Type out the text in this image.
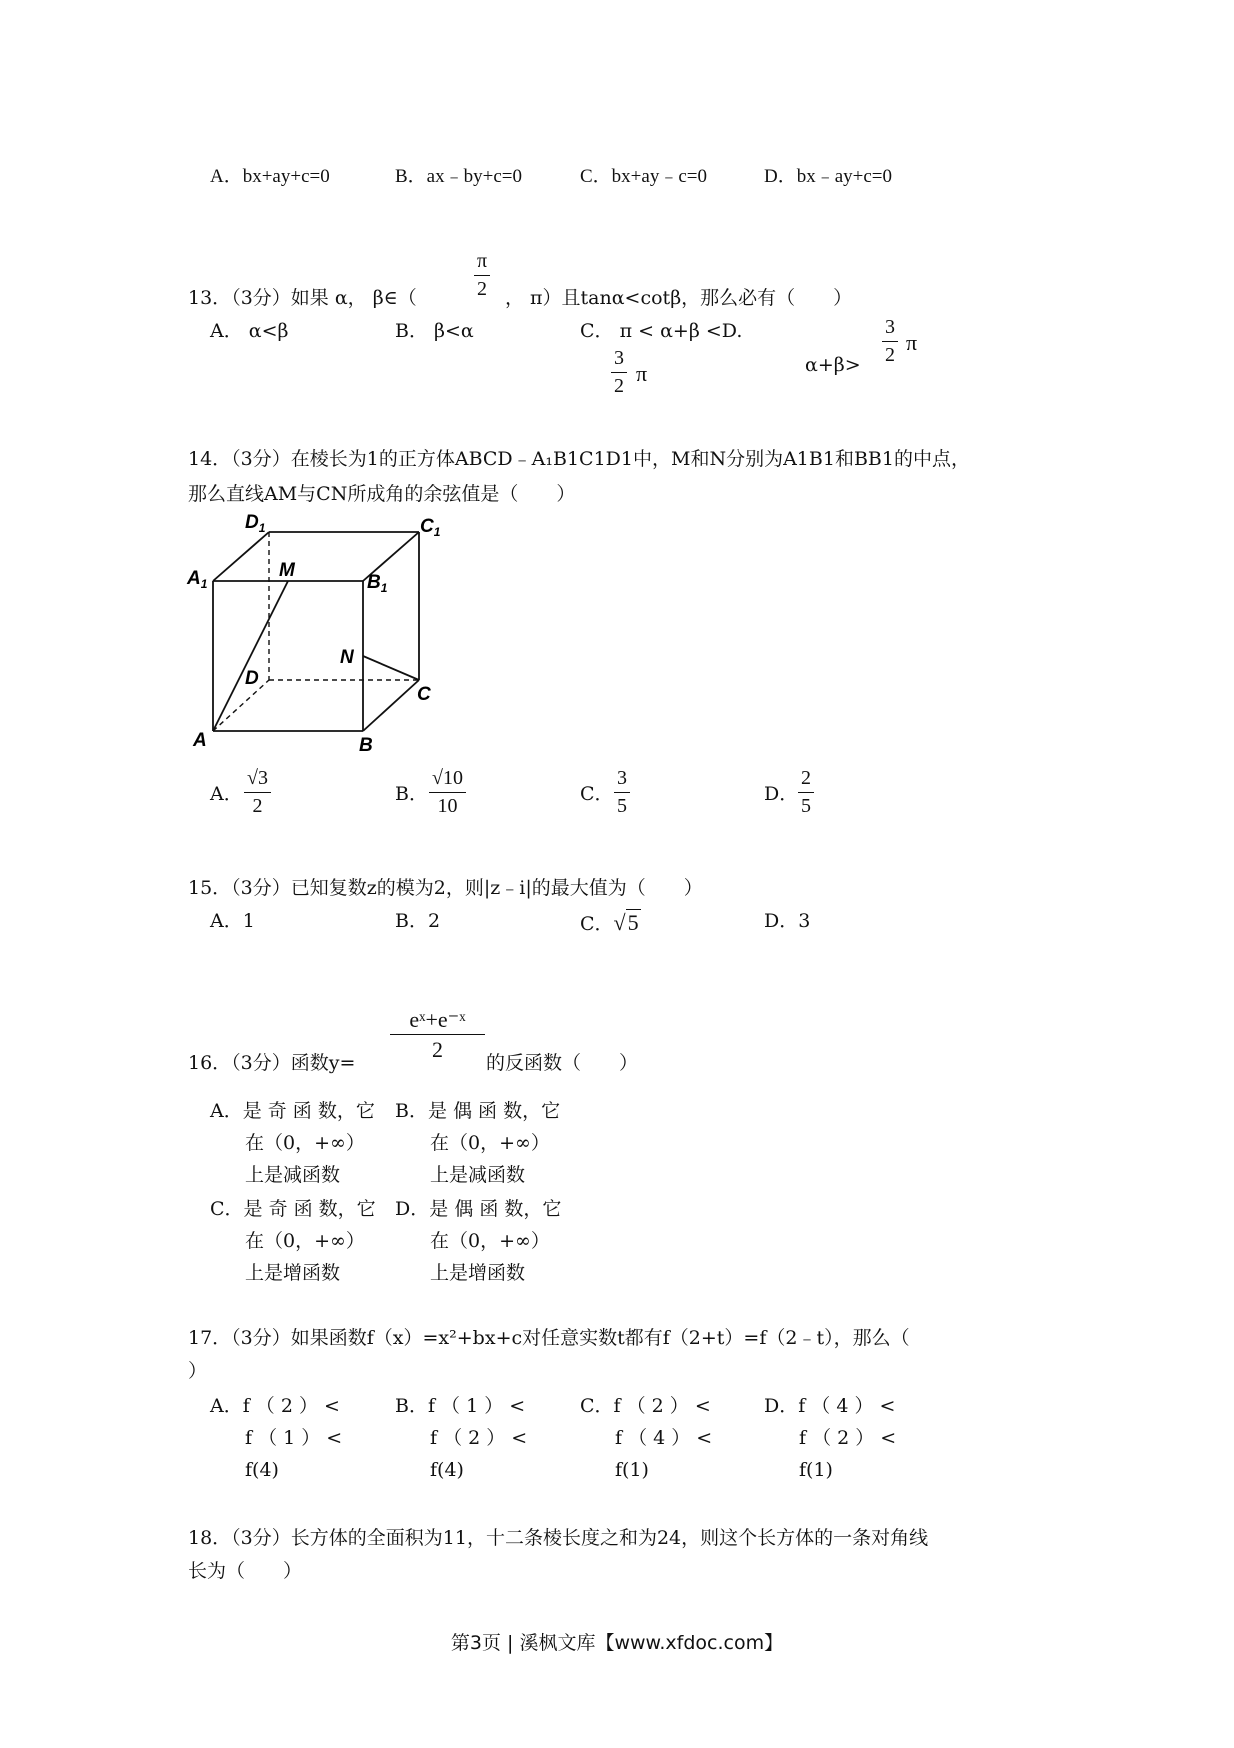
A．bx+ay+c=0	B．ax﹣by+c=0	C．bx+ay﹣c=0	D．bx﹣ay+c=0
13．（3分）如果 α， β∈（	$\frac{\pi}{2}$ ， π）且tanα<cotβ，那么必有（　　）
A． α<β	B． β<α	C． π < α+β <D.
$\frac{3}{2}$ π	$\alpha+\beta> \frac{3}{2}$ π
14．（3分）在棱长为1的正方体ABCD﹣A₁B1C1D1中，M和N分别为A1B1和BB1的中点，
那么直线AM与CN所成角的余弦值是（　　）
$D_1$	$C_1$
$A_1$	$B_1$
M
N
D
C
A	B
A． $\frac{√3}{2}$	B． $\frac{√10}{10}$	C． $\frac{3}{5}$	D． $\frac{2}{5}$
15．（3分）已知复数z的模为2，则|z﹣i|的最大值为（　　）
A．1	B．2	C．√5	D．3
16．（3分）函数y=
$\frac{\text{eˣ+e⁻ˣ}}{2}$
的反函数（　　）
A．是 奇 函 数，它
在（0，+∞）
上是减函数
B．是 偶 函 数，它
在（0，+∞）
上是减函数
C．是 奇 函 数，它
在（0，+∞）
上是增函数
D．是 偶 函 数，它
在（0，+∞）
上是增函数
17．（3分）如果函数f（x）=x²+bx+c对任意实数t都有f（2+t）=f（2﹣t），那么（
）
A．f （ 2 ） <
f （ 1 ） <
f(4)
B．f （ 1 ） <
f （ 2 ） <
f(4)
C．f （ 2 ） <
f （ 4 ） <
f(1)
D．f （ 4 ） <
f （ 2 ） <
f(1)
18．（3分）长方体的全面积为11，十二条棱长度之和为24，则这个长方体的一条对角线
长为（　　）
第3页 | 溪枫文库【www.xfdoc.com】
